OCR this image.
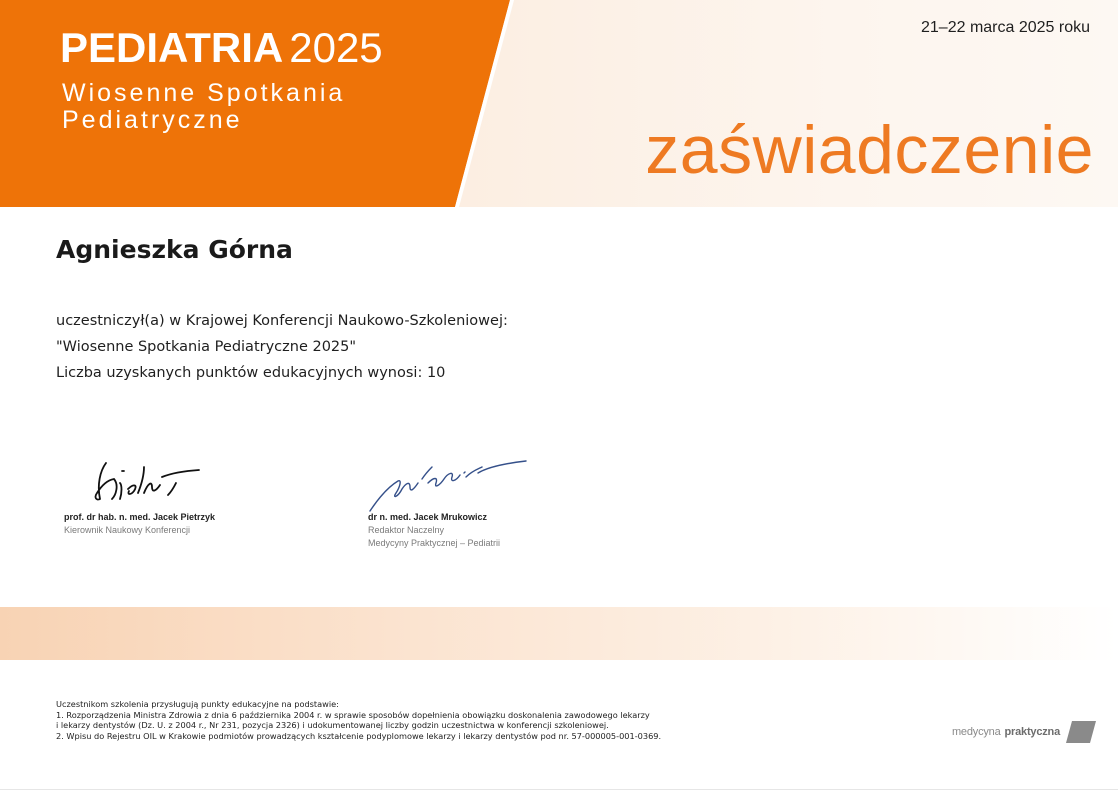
PEDIATRIA 2025
Wiosenne Spotkania
Pediatryczne
21–22 marca 2025 roku
zaświadczenie
Agnieszka Górna
uczestniczył(a) w Krajowej Konferencji Naukowo-Szkoleniowej:
"Wiosenne Spotkania Pediatryczne 2025"
Liczba uzyskanych punktów edukacyjnych wynosi: 10
prof. dr hab. n. med. Jacek Pietrzyk
Kierownik Naukowy Konferencji
dr n. med. Jacek Mrukowicz
Redaktor Naczelny
Medycyny Praktycznej – Pediatrii
Uczestnikom szkolenia przysługują punkty edukacyjne na podstawie:
1. Rozporządzenia Ministra Zdrowia z dnia 6 października 2004 r. w sprawie sposobów dopełnienia obowiązku doskonalenia zawodowego lekarzy
i lekarzy dentystów (Dz. U. z 2004 r., Nr 231, pozycja 2326) i udokumentowanej liczby godzin uczestnictwa w konferencji szkoleniowej.
2. Wpisu do Rejestru OIL w Krakowie podmiotów prowadzących kształcenie podyplomowe lekarzy i lekarzy dentystów pod nr. 57-000005-001-0369.	medycyna praktyczna
